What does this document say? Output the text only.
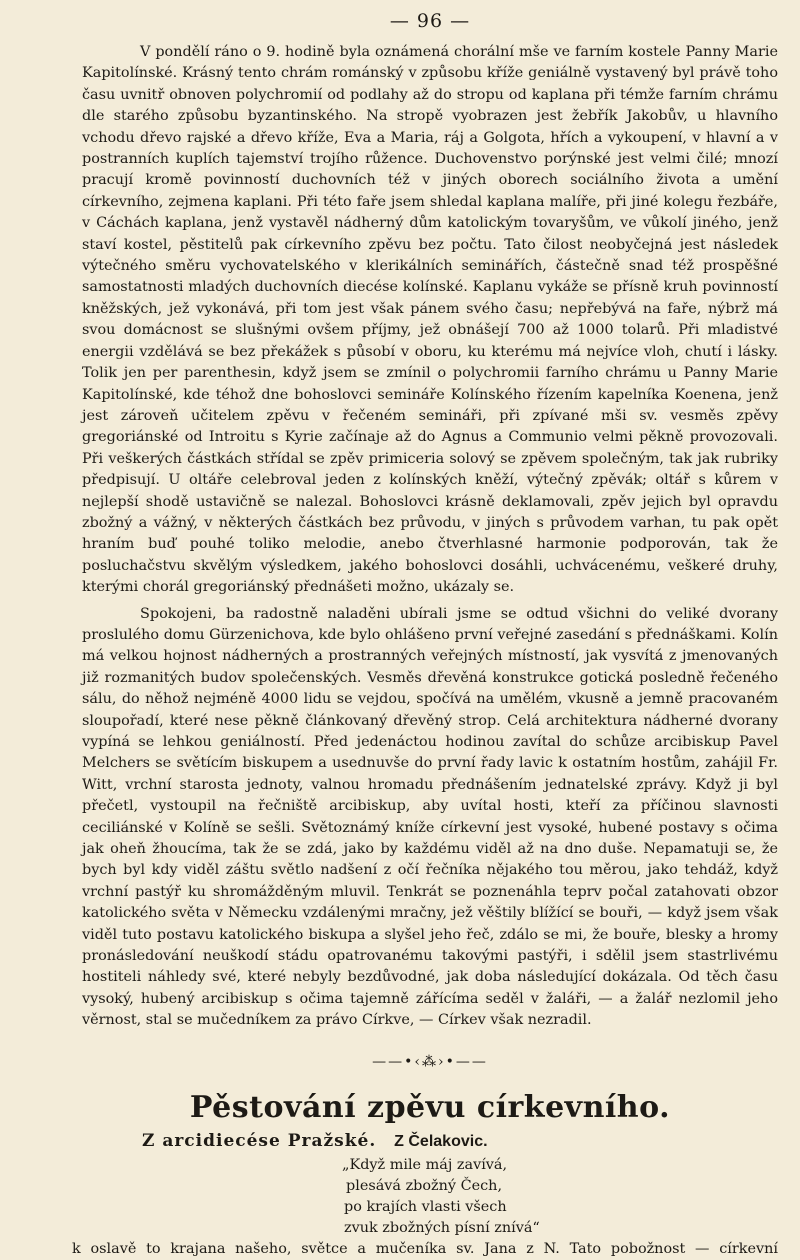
— 96 —

V pondělí ráno o 9. hodině byla oznámená chorální mše ve farním kostele Panny Marie Kapitolínské. Krásný tento chrám románský v způsobu kříže geniálně vystavený byl právě toho času uvnitř obnoven polychromií od podlahy až do stropu od kaplana při témže farním chrámu dle starého způsobu byzantinského. Na stropě vyobrazen jest žebřík Jakobův, u hlavního vchodu dřevo rajské a dřevo kříže, Eva a Maria, ráj a Golgota, hřích a vykoupení, v hlavní a v postranních kuplích tajemství trojího růžence. Duchovenstvo porýnské jest velmi čilé; mnozí pracují kromě povinností duchovních též v jiných oborech sociálního života a umění církevního, zejmena kaplani. Při této faře jsem shledal kaplana malíře, při jiné kolegu řezbáře, v Cáchách kaplana, jenž vystavěl nádherný dům katolickým tovaryšům, ve vůkolí jiného, jenž staví kostel, pěstitelů pak církevního zpěvu bez počtu. Tato čilost neobyčejná jest následek výtečného směru vychovatelského v klerikálních seminářích, částečně snad též prospěšné samostatnosti mladých duchovních diecése kolínské. Kaplanu vykáže se přísně kruh povinností kněžských, jež vykonává, při tom jest však pánem svého času; nepřebývá na faře, nýbrž má svou domácnost se slušnými ovšem příjmy, jež obnášejí 700 až 1000 tolarů. Při mladistvé energii vzdělává se bez překážek s působí v oboru, ku kterému má nejvíce vloh, chutí i lásky. Tolik jen per parenthesin, když jsem se zmínil o polychromii farního chrámu u Panny Marie Kapitolínské, kde téhož dne bohoslovci semináře Kolínského řízením kapelníka Koenena, jenž jest zároveň učitelem zpěvu v řečeném semináři, při zpívané mši sv. vesměs zpěvy gregoriánské od Introitu s Kyrie začínaje až do Agnus a Communio velmi pěkně provozovali. Při veškerých částkách střídal se zpěv primiceria solový se zpěvem společným, tak jak rubriky předpisují. U oltáře celebroval jeden z kolínských kněží, výtečný zpěvák; oltář s kůrem v nejlepší shodě ustavičně se nalezal. Bohoslovci krásně deklamovali, zpěv jejich byl opravdu zbožný a vážný, v některých částkách bez průvodu, v jiných s průvodem varhan, tu pak opět hraním buď pouhé toliko melodie, anebo čtverhlasné harmonie podporován, tak že posluchačstvu skvělým výsledkem, jakého bohoslovci dosáhli, uchvácenému, veškeré druhy, kterými chorál gregoriánský přednášeti možno, ukázaly se.

Spokojeni, ba radostně naladěni ubírali jsme se odtud všichni do veliké dvorany proslulého domu Gürzenichova, kde bylo ohlášeno první veřejné zasedání s přednáškami. Kolín má velkou hojnost nádherných a prostranných veřejných místností, jak vysvítá z jmenovaných již rozmanitých budov společenských. Vesměs dřevěná konstrukce gotická posledně řečeného sálu, do něhož nejméně 4000 lidu se vejdou, spočívá na umělém, vkusně a jemně pracovaném sloupořadí, které nese pěkně článkovaný dřevěný strop. Celá architektura nádherné dvorany vypíná se lehkou geniálností. Před jedenáctou hodinou zavítal do schůze arcibiskup Pavel Melchers se světícím biskupem a usednuvše do první řady lavic k ostatním hostům, zahájil Fr. Witt, vrchní starosta jednoty, valnou hromadu přednášením jednatelské zprávy. Když ji byl přečetl, vystoupil na řečniště arcibiskup, aby uvítal hosti, kteří za příčinou slavnosti ceciliánské v Kolíně se sešli. Světoznámý kníže církevní jest vysoké, hubené postavy s očima jak oheň žhoucíma, tak že se zdá, jako by každému viděl až na dno duše. Nepamatuji se, že bych byl kdy viděl záštu světlo nadšení z očí řečníka nějakého tou měrou, jako tehdáž, když vrchní pastýř ku shromážděným mluvil. Tenkrát se poznenáhla teprv počal zatahovati obzor katolického světa v Německu vzdálenými mračny, jež věštily blížící se bouři, — když jsem však viděl tuto postavu katolického biskupa a slyšel jeho řeč, zdálo se mi, že bouře, blesky a hromy pronásledování neuškodí stádu opatrovanému takovými pastýři, i sdělil jsem stastrlivému hostiteli náhledy své, které nebyly bezdůvodné, jak doba následující dokázala. Od těch času vysoký, hubený arcibiskup s očima tajemně zářícíma seděl v žaláři, — a žalář nezlomil jeho věrnost, stal se mučedníkem za právo Církve, — Církev však nezradil.

——•‹⁂›•——
Pěstování zpěvu církevního.
Z arcidiecése Pražské. Z Čelakovic.
„Když mile máj zavívá,
plesává zbožný Čech,
po krajích vlasti všech
zvuk zbožných písní znívá“
k oslavě to krajana našeho, světce a mučeníka sv. Jana z N. Tato pobožnost — církevní
